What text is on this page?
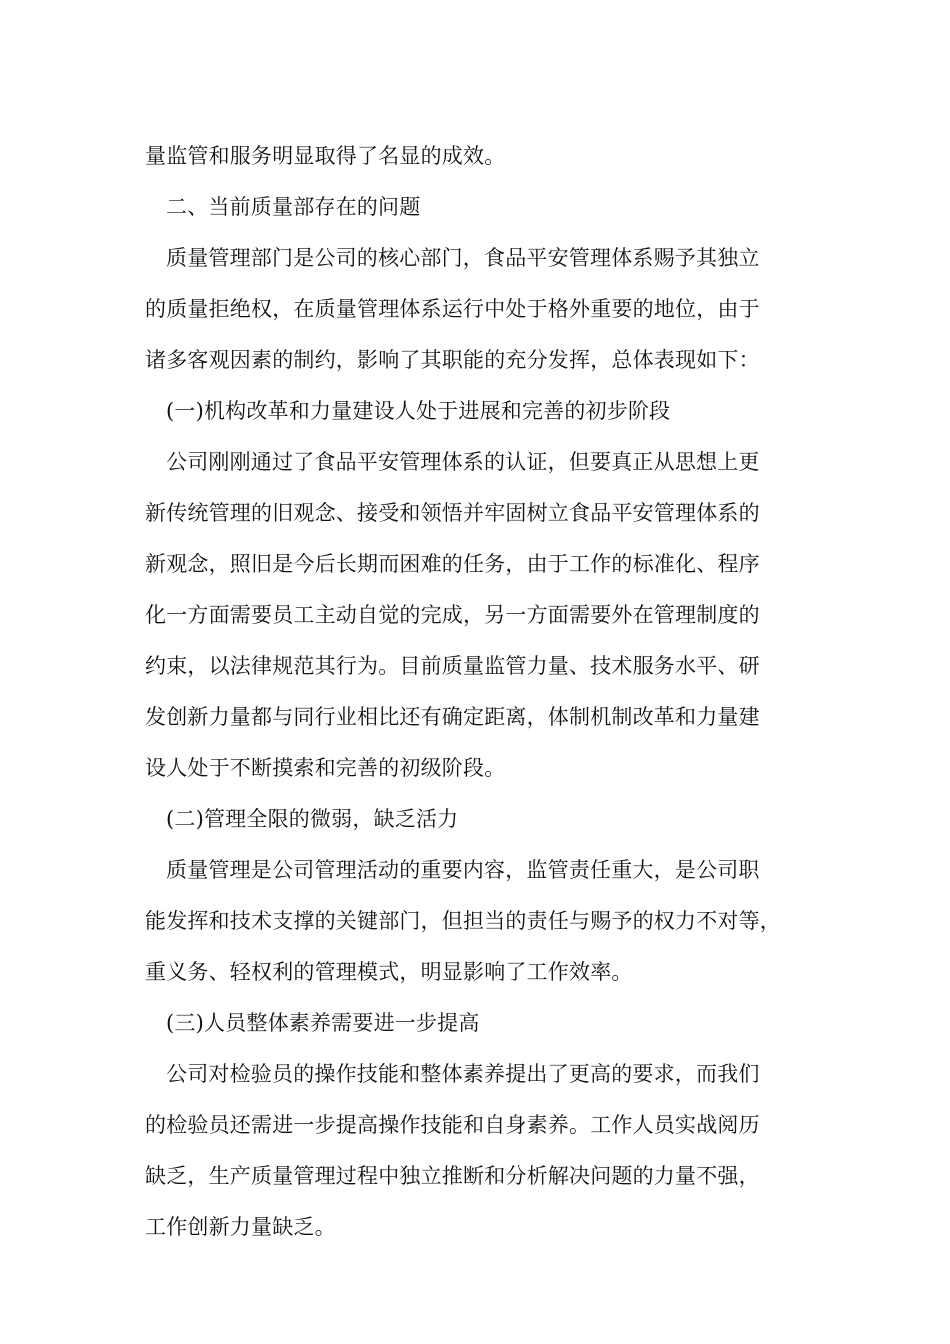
量监管和服务明显取得了名显的成效。
二、当前质量部存在的问题
质量管理部门是公司的核心部门，食品平安管理体系赐予其独立
的质量拒绝权，在质量管理体系运行中处于格外重要的地位，由于
诸多客观因素的制约，影响了其职能的充分发挥，总体表现如下：
(一)机构改革和力量建设人处于进展和完善的初步阶段
公司刚刚通过了食品平安管理体系的认证，但要真正从思想上更
新传统管理的旧观念、接受和领悟并牢固树立食品平安管理体系的
新观念，照旧是今后长期而困难的任务，由于工作的标准化、程序
化一方面需要员工主动自觉的完成，另一方面需要外在管理制度的
约束，以法律规范其行为。目前质量监管力量、技术服务水平、研
发创新力量都与同行业相比还有确定距离，体制机制改革和力量建
设人处于不断摸索和完善的初级阶段。
(二)管理全限的微弱，缺乏活力
质量管理是公司管理活动的重要内容，监管责任重大，是公司职
能发挥和技术支撑的关键部门，但担当的责任与赐予的权力不对等，
重义务、轻权利的管理模式，明显影响了工作效率。
(三)人员整体素养需要进一步提高
公司对检验员的操作技能和整体素养提出了更高的要求，而我们
的检验员还需进一步提高操作技能和自身素养。工作人员实战阅历
缺乏，生产质量管理过程中独立推断和分析解决问题的力量不强，
工作创新力量缺乏。
